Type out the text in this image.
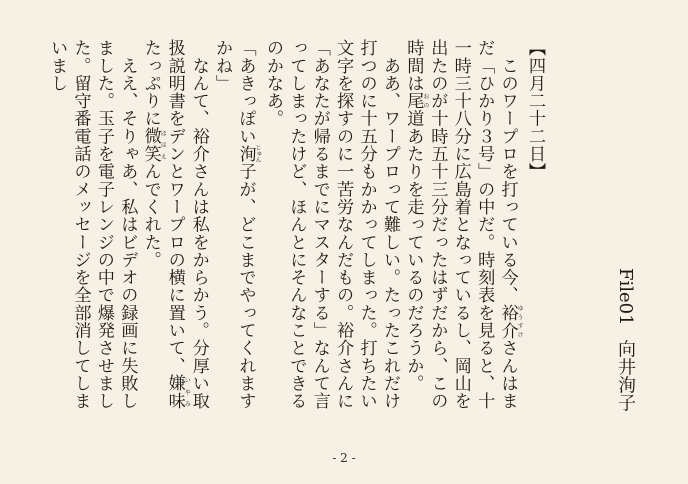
File01向井洵子

【四月二十二日】

　このワープロを打っている今、裕介ゆうすけさんはまだ「ひかり３号」の中だ。時刻表を見ると、十一時三十八分に広島着となっているし、岡山を出たのが十時五十三分だったはずだから、この時間は尾おの道あたりを走っているのだろうか。

　ああ、ワープロって難しい。たったこれだけ打つのに十五分もかかってしまった。打ちたい文字を探すのに一苦労なんだもの。裕介さんに「あなたが帰るまでにマスターする」なんて言ってしまったけど、ほんとにそんなことできるのかなあ。

「あきっぽい洵じゅん子が、どこまでやってくれますかね」

　なんて、裕介さんは私をからかう。分厚い取扱説明書をデンとワープロの横に置いて、嫌味いやみたっぷりに微笑ほほえんでくれた。

　ええ、そりゃあ、私はビデオの録画に失敗しました。玉子を電子レンジの中で爆発させました。留守番電話のメッセージを全部消してしまいまし

- 2 -
